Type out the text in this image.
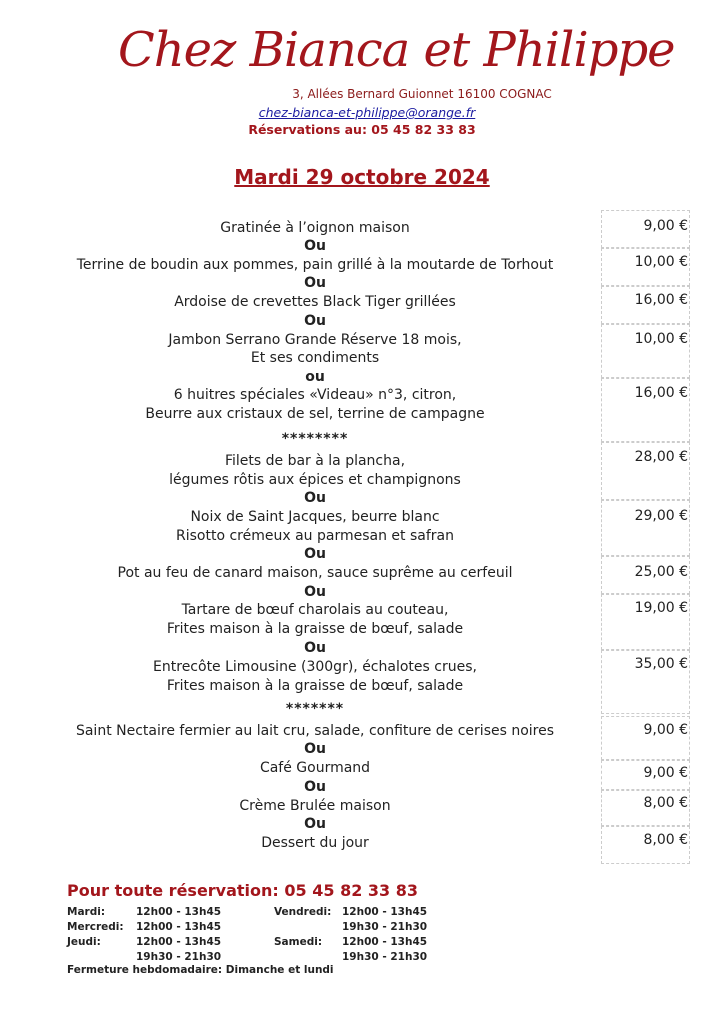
Chez Bianca et Philippe
3, Allées Bernard Guionnet 16100 COGNAC
chez-bianca-et-philippe@orange.fr
Réservations au: 05 45 82 33 83
Mardi 29 octobre 2024
Gratinée à l’oignon maison
Ou
Terrine de boudin aux pommes, pain grillé à la moutarde de Torhout
Ou
Ardoise de crevettes Black Tiger grillées
Ou
Jambon Serrano Grande Réserve 18 mois,
Et ses condiments
ou
6 huitres spéciales «Videau» n°3, citron,
Beurre aux cristaux de sel, terrine de campagne
********
Filets de bar à la plancha,
légumes rôtis aux épices et champignons
Ou
Noix de Saint Jacques, beurre blanc
Risotto crémeux au parmesan et safran
Ou
Pot au feu de canard maison, sauce suprême au cerfeuil
Ou
Tartare de bœuf charolais au couteau,
Frites maison à la graisse de bœuf, salade
Ou
Entrecôte Limousine (300gr), échalotes crues,
Frites maison à la graisse de bœuf, salade
*******
Saint Nectaire fermier au lait cru, salade, confiture de cerises noires
Ou
Café Gourmand
Ou
Crème Brulée maison
Ou
Dessert du jour
9,00 €
10,00 €
16,00 €
10,00 €
16,00 €
28,00 €
29,00 €
25,00 €
19,00 €
35,00 €
9,00 €
9,00 €
8,00 €
8,00 €
Pour toute réservation: 05 45 82 33 83
Mardi:	12h00 - 13h45
Mercredi: 12h00 - 13h45
Jeudi:	12h00 - 13h45
19h30 - 21h30
Vendredi: 12h00 - 13h45
19h30 - 21h30
Samedi: 12h00 - 13h45
19h30 - 21h30
Fermeture hebdomadaire: Dimanche et lundi
